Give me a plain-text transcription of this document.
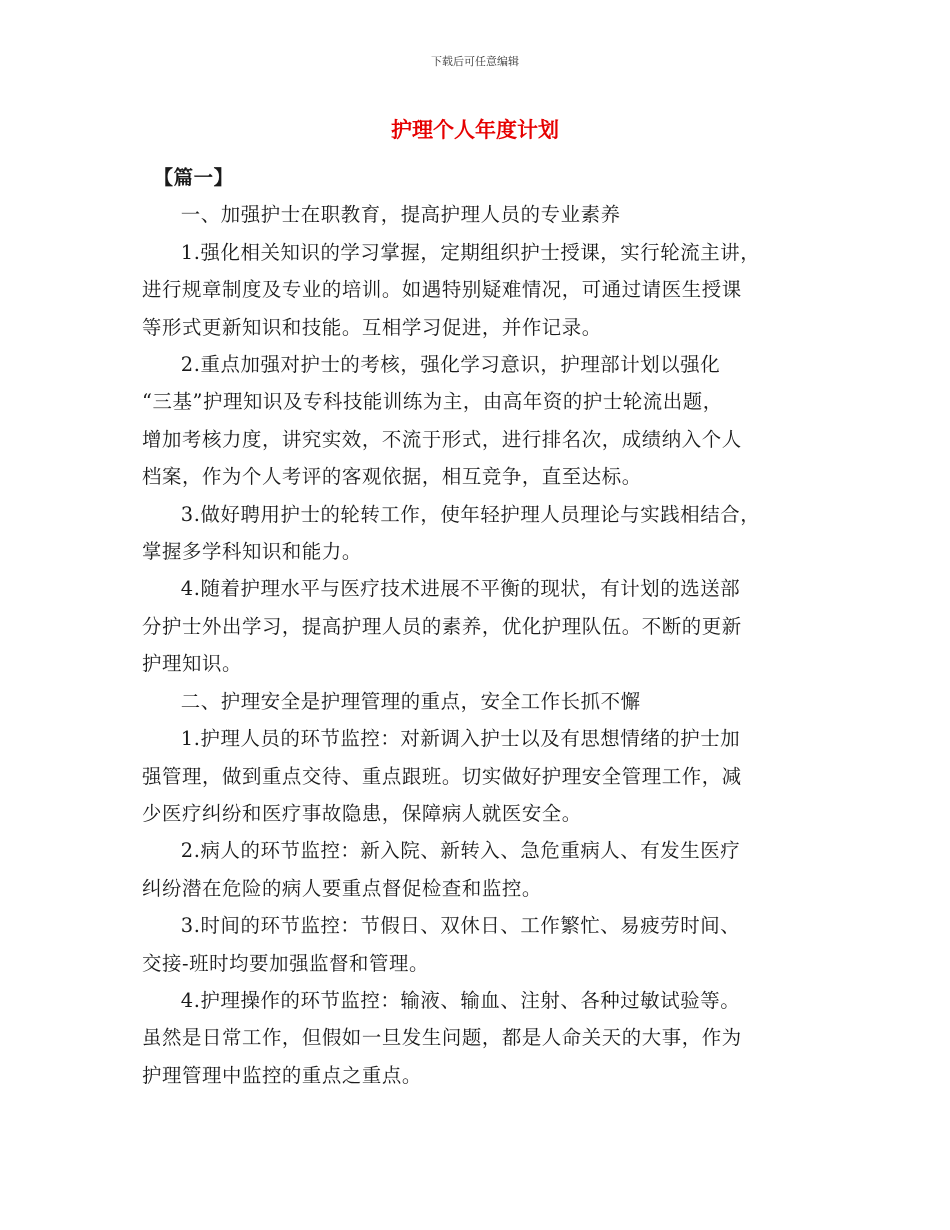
下载后可任意编辑
护理个人年度计划

【篇一】

一、加强护士在职教育，提高护理人员的专业素养

1.强化相关知识的学习掌握，定期组织护士授课，实行轮流主讲，
进行规章制度及专业的培训。如遇特别疑难情况，可通过请医生授课
等形式更新知识和技能。互相学习促进，并作记录。

2.重点加强对护士的考核，强化学习意识，护理部计划以强化
“三基”护理知识及专科技能训练为主，由高年资的护士轮流出题，
增加考核力度，讲究实效，不流于形式，进行排名次，成绩纳入个人
档案，作为个人考评的客观依据，相互竞争，直至达标。

3.做好聘用护士的轮转工作，使年轻护理人员理论与实践相结合，
掌握多学科知识和能力。

4.随着护理水平与医疗技术进展不平衡的现状，有计划的选送部
分护士外出学习，提高护理人员的素养，优化护理队伍。不断的更新
护理知识。

二、护理安全是护理管理的重点，安全工作长抓不懈

1.护理人员的环节监控：对新调入护士以及有思想情绪的护士加
强管理，做到重点交待、重点跟班。切实做好护理安全管理工作，减
少医疗纠纷和医疗事故隐患，保障病人就医安全。

2.病人的环节监控：新入院、新转入、急危重病人、有发生医疗
纠纷潜在危险的病人要重点督促检查和监控。

3.时间的环节监控：节假日、双休日、工作繁忙、易疲劳时间、
交接-班时均要加强监督和管理。

4.护理操作的环节监控：输液、输血、注射、各种过敏试验等。
虽然是日常工作，但假如一旦发生问题，都是人命关天的大事，作为
护理管理中监控的重点之重点。
